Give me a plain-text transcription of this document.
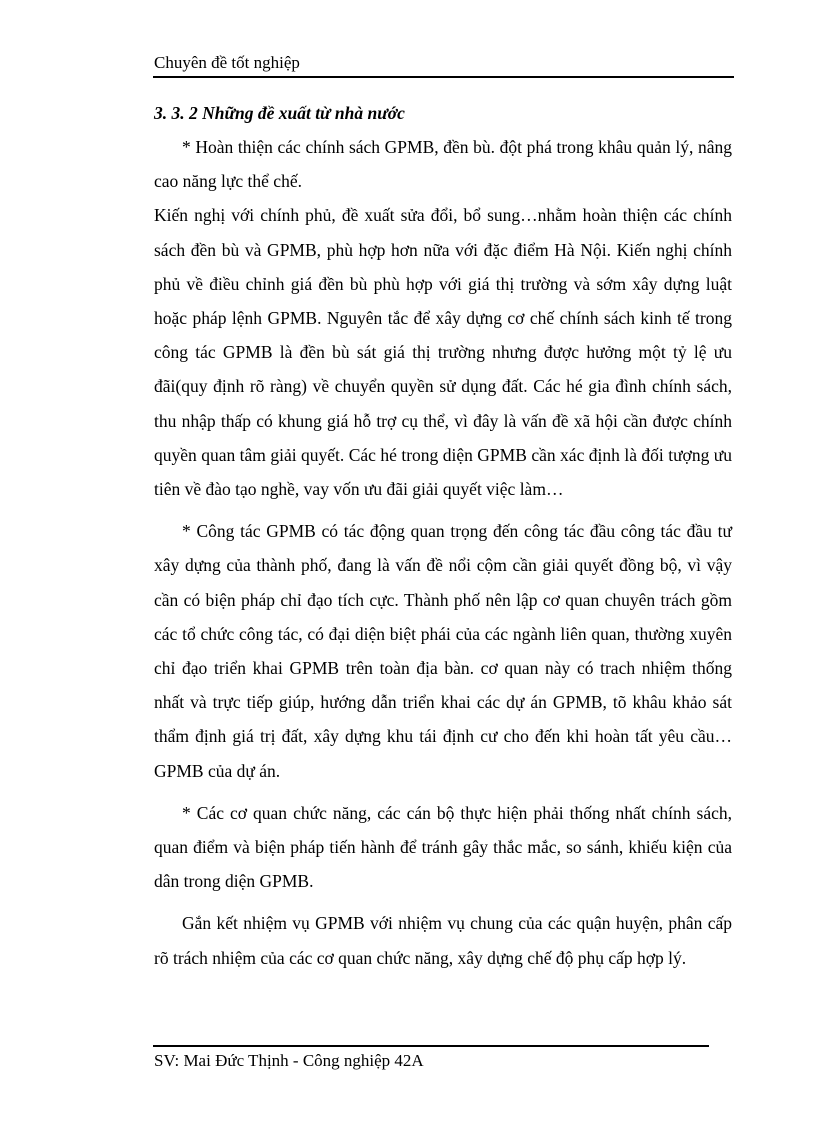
Chuyên đề tốt nghiệp

3. 3. 2 Những đề xuất từ nhà nước

* Hoàn thiện các chính sách GPMB, đền bù. đột phá trong khâu quản lý, nâng cao năng lực thể chế.

Kiến nghị với chính phủ, đề xuất sửa đổi, bổ sung…nhằm hoàn thiện các chính sách đền bù và GPMB, phù hợp hơn nữa với đặc điểm Hà Nội. Kiến nghị chính phủ về điều chỉnh giá đền bù phù hợp với giá thị trường và sớm xây dựng luật hoặc pháp lệnh GPMB. Nguyên tắc để xây dựng cơ chế chính sách kinh tế trong công tác GPMB là đền bù sát giá thị trường nhưng được hưởng một tỷ lệ ưu đãi(quy định rõ ràng) về chuyển quyền sử dụng đất. Các hé gia đình chính sách, thu nhập thấp có khung giá hỗ trợ cụ thể, vì đây là vấn đề xã hội cần được chính quyền quan tâm giải quyết. Các hé trong diện GPMB cần xác định là đối tượng ưu tiên về đào tạo nghề, vay vốn ưu đãi giải quyết việc làm…

* Công tác GPMB có tác động quan trọng đến công tác đầu công tác đầu tư xây dựng của thành phố, đang là vấn đề nổi cộm cần giải quyết đồng bộ, vì vậy cần có biện pháp chỉ đạo tích cực. Thành phố nên lập cơ quan chuyên trách gồm các tổ chức công tác, có đại diện biệt phái của các ngành liên quan, thường xuyên chỉ đạo triển khai GPMB trên toàn địa bàn. cơ quan này có trach nhiệm thống nhất và trực tiếp giúp, hướng dẫn triển khai các dự án GPMB, tõ khâu khảo sát thẩm định giá trị đất, xây dựng khu tái định cư cho đến khi hoàn tất yêu cầu…GPMB của dự án.

* Các cơ quan chức năng, các cán bộ thực hiện phải thống nhất chính sách, quan điểm và biện pháp tiến hành để tránh gây thắc mắc, so sánh, khiếu kiện của dân trong diện GPMB.

Gắn kết nhiệm vụ GPMB với nhiệm vụ chung của các quận huyện, phân cấp rõ trách nhiệm của các cơ quan chức năng, xây dựng chế độ phụ cấp hợp lý.

SV: Mai Đức Thịnh - Công nghiệp 42A
